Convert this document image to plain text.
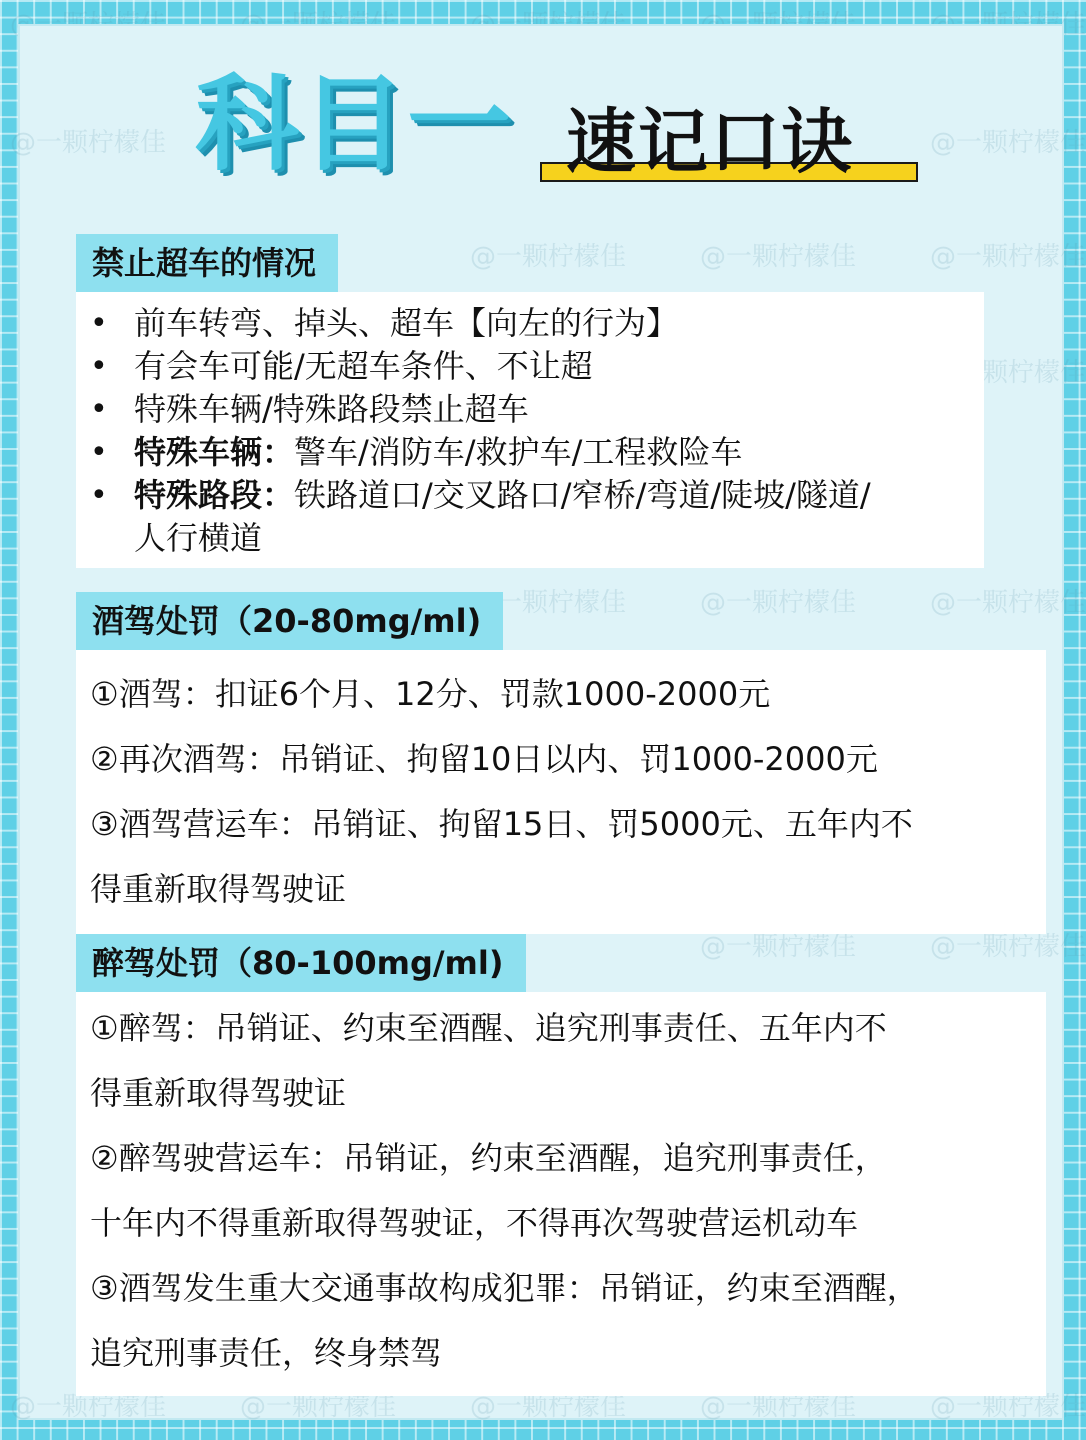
@一颗柠檬佳	@一颗柠檬佳
@一颗柠檬佳	@一颗柠檬佳	@一颗柠檬佳
@一颗柠檬佳
@一颗柠檬佳	@一颗柠檬佳	@一颗柠檬佳
@一颗柠檬佳	@一颗柠檬佳
@一颗柠檬佳	@一颗柠檬佳	@一颗柠檬佳	@一颗柠檬佳	@一颗柠檬佳
科目一 速记口诀
禁止超车的情况
• 前车转弯、掉头、超车【向左的行为】
• 有会车可能/无超车条件、不让超
• 特殊车辆/特殊路段禁止超车
• 特殊车辆：警车/消防车/救护车/工程救险车
• 特殊路段：铁路道口/交叉路口/窄桥/弯道/陡坡/隧道/
人行横道
酒驾处罚（20-80mg/ml)
①酒驾：扣证6个月、12分、罚款1000-2000元
②再次酒驾：吊销证、拘留10日以内、罚1000-2000元
③酒驾营运车：吊销证、拘留15日、罚5000元、五年内不
得重新取得驾驶证
醉驾处罚（80-100mg/ml)
①醉驾：吊销证、约束至酒醒、追究刑事责任、五年内不
得重新取得驾驶证
②醉驾驶营运车：吊销证，约束至酒醒，追究刑事责任，
十年内不得重新取得驾驶证，不得再次驾驶营运机动车
③酒驾发生重大交通事故构成犯罪：吊销证，约束至酒醒，
追究刑事责任，终身禁驾
